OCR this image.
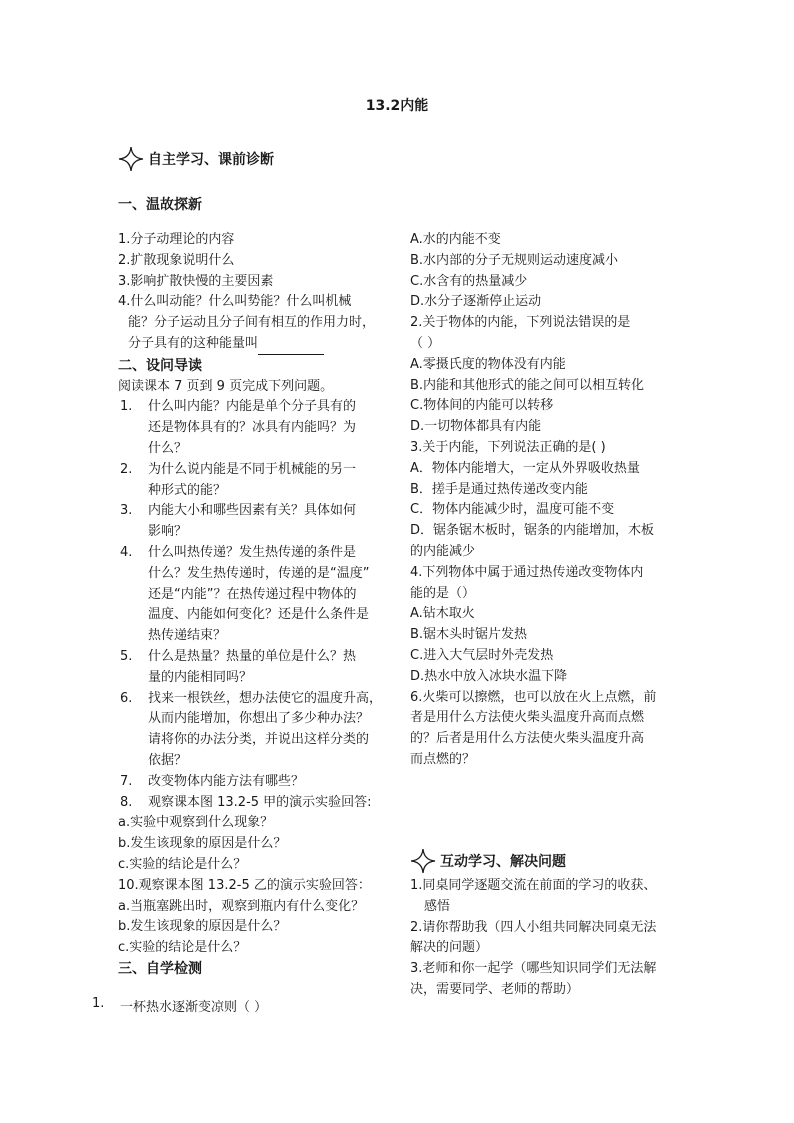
13.2内能
自主学习、课前诊断
一、温故探新

1.分子动理论的内容

2.扩散现象说明什么

3.影响扩散快慢的主要因素

4.什么叫动能？什么叫势能？什么叫机械

能？分子运动且分子间有相互的作用力时，

分子具有的这种能量叫

二、设问导读

阅读课本 7 页到 9 页完成下列问题。

1.	什么叫内能？内能是单个分子具有的

还是物体具有的？冰具有内能吗？为

什么？

2.	为什么说内能是不同于机械能的另一

种形式的能？

3.	内能大小和哪些因素有关？具体如何

影响？

4.	什么叫热传递？发生热传递的条件是

什么？发生热传递时，传递的是“温度”

还是“内能”？在热传递过程中物体的

温度、内能如何变化？还是什么条件是

热传递结束？

5.	什么是热量？热量的单位是什么？热

量的内能相同吗？

6.	找来一根铁丝，想办法使它的温度升高，

从而内能增加，你想出了多少种办法？

请将你的办法分类，并说出这样分类的

依据？

7.	改变物体内能方法有哪些？

8.	观察课本图 13.2-5 甲的演示实验回答:

a.实验中观察到什么现象？

b.发生该现象的原因是什么？

c.实验的结论是什么？

10.观察课本图 13.2-5 乙的演示实验回答：

a.当瓶塞跳出时，观察到瓶内有什么变化？

b.发生该现象的原因是什么？

c.实验的结论是什么？

三、自学检测

1.	一杯热水逐渐变凉则（ ）

A.水的内能不变

B.水内部的分子无规则运动速度减小

C.水含有的热量减少

D.水分子逐渐停止运动

2.关于物体的内能，下列说法错误的是

（ ）

A.零摄氏度的物体没有内能

B.内能和其他形式的能之间可以相互转化

C.物体间的内能可以转移

D.一切物体都具有内能

3.关于内能，下列说法正确的是( )

A．物体内能增大，一定从外界吸收热量

B．搓手是通过热传递改变内能

C．物体内能减少时，温度可能不变

D．锯条锯木板时，锯条的内能增加，木板

的内能减少

4.下列物体中属于通过热传递改变物体内

能的是（）

A.钻木取火

B.锯木头时锯片发热

C.进入大气层时外壳发热

D.热水中放入冰块水温下降

6.火柴可以擦燃，也可以放在火上点燃，前

者是用什么方法使火柴头温度升高而点燃

的？后者是用什么方法使火柴头温度升高

而点燃的？

互动学习、解决问题

1.同桌同学逐题交流在前面的学习的收获、

感悟

2.请你帮助我（四人小组共同解决同桌无法

解决的问题）

3.老师和你一起学（哪些知识同学们无法解

决，需要同学、老师的帮助）
